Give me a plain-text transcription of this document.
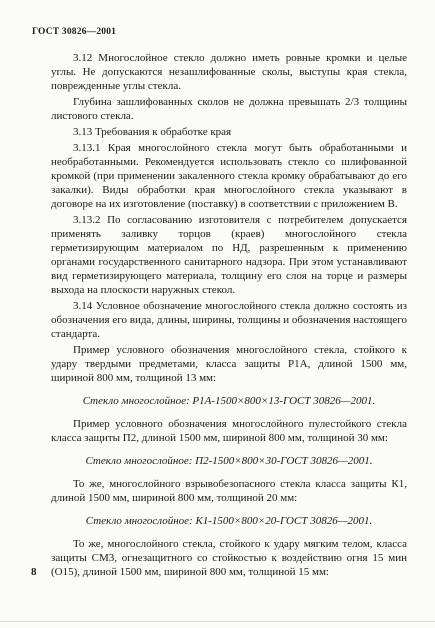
ГОСТ 30826—2001

3.12 Многослойное стекло должно иметь ровные кромки и целые углы. Не допускаются незашлифованные сколы, выступы края стекла, поврежденные углы стекла.

Глубина зашлифованных сколов не должна превышать 2/3 толщины листового стекла.

3.13 Требования к обработке края

3.13.1 Края многослойного стекла могут быть обработанными и необработанными. Рекомендуется использовать стекло со шлифованной кромкой (при применении закаленного стекла кромку обрабатывают до его закалки). Виды обработки края многослойного стекла указывают в договоре на их изготовление (поставку) в соответствии с приложением В.

3.13.2 По согласованию изготовителя с потребителем допускается применять заливку торцов (краев) многослойного стекла герметизирующим материалом по НД, разрешенным к применению органами государственного санитарного надзора. При этом устанавливают вид герметизирующего материала, толщину его слоя на торце и размеры выхода на плоскости наружных стекол.

3.14 Условное обозначение многослойного стекла должно состоять из обозначения его вида, длины, ширины, толщины и обозначения настоящего стандарта.

Пример условного обозначения многослойного стекла, стойкого к удару твердыми предметами, класса защиты Р1А, длиной 1500 мм, шириной 800 мм, толщиной 13 мм:

Стекло многослойное: Р1А-1500×800×13-ГОСТ 30826—2001.

Пример условного обозначения многослойного пулестойкого стекла класса защиты П2, длиной 1500 мм, шириной 800 мм, толщиной 30 мм:

Стекло многослойное: П2-1500×800×30-ГОСТ 30826—2001.

То же, многослойного взрывобезопасного стекла класса защиты К1, длиной 1500 мм, шириной 800 мм, толщиной 20 мм:

Стекло многослойное: К1-1500×800×20-ГОСТ 30826—2001.

То же, многослойного стекла, стойкого к удару мягким телом, класса защиты СМ3, огнезащитного со стойкостью к воздействию огня 15 мин (О15), длиной 1500 мм, шириной 800 мм, толщиной 15 мм:

8
